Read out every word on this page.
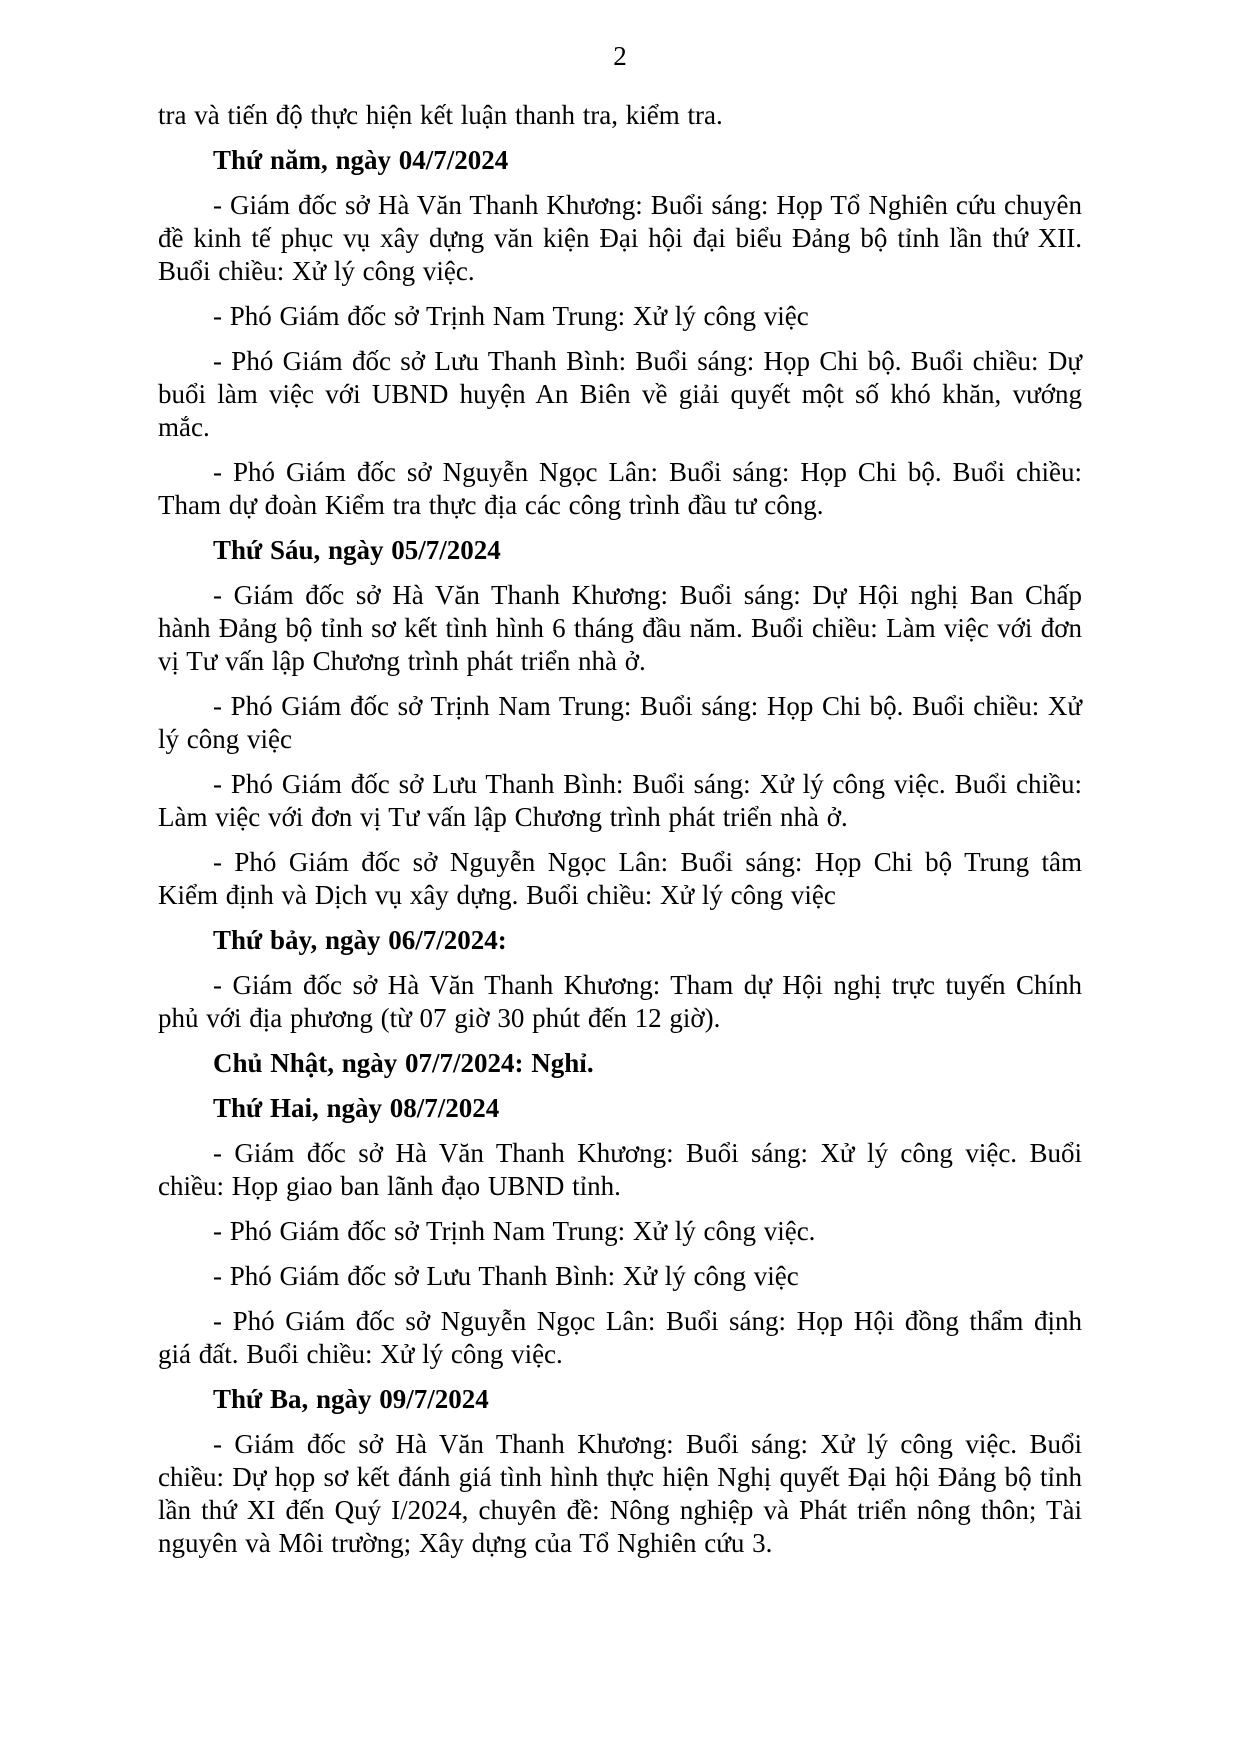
2

tra và tiến độ thực hiện kết luận thanh tra, kiểm tra.

Thứ năm, ngày 04/7/2024

- Giám đốc sở Hà Văn Thanh Khương: Buổi sáng: Họp Tổ Nghiên cứu chuyên đề kinh tế phục vụ xây dựng văn kiện Đại hội đại biểu Đảng bộ tỉnh lần thứ XII. Buổi chiều: Xử lý công việc.

- Phó Giám đốc sở Trịnh Nam Trung: Xử lý công việc

- Phó Giám đốc sở Lưu Thanh Bình: Buổi sáng: Họp Chi bộ. Buổi chiều: Dự buổi làm việc với UBND huyện An Biên về giải quyết một số khó khăn, vướng mắc.

- Phó Giám đốc sở Nguyễn Ngọc Lân: Buổi sáng: Họp Chi bộ. Buổi chiều: Tham dự đoàn Kiểm tra thực địa các công trình đầu tư công.

Thứ Sáu, ngày 05/7/2024

- Giám đốc sở Hà Văn Thanh Khương: Buổi sáng: Dự Hội nghị Ban Chấp hành Đảng bộ tỉnh sơ kết tình hình 6 tháng đầu năm. Buổi chiều: Làm việc với đơn vị Tư vấn lập Chương trình phát triển nhà ở.

- Phó Giám đốc sở Trịnh Nam Trung: Buổi sáng: Họp Chi bộ. Buổi chiều: Xử lý công việc

- Phó Giám đốc sở Lưu Thanh Bình: Buổi sáng: Xử lý công việc. Buổi chiều: Làm việc với đơn vị Tư vấn lập Chương trình phát triển nhà ở.

- Phó Giám đốc sở Nguyễn Ngọc Lân: Buổi sáng: Họp Chi bộ Trung tâm Kiểm định và Dịch vụ xây dựng. Buổi chiều: Xử lý công việc

Thứ bảy, ngày 06/7/2024:

- Giám đốc sở Hà Văn Thanh Khương: Tham dự Hội nghị trực tuyến Chính phủ với địa phương (từ 07 giờ 30 phút đến 12 giờ).

Chủ Nhật, ngày 07/7/2024: Nghỉ.

Thứ Hai, ngày 08/7/2024

- Giám đốc sở Hà Văn Thanh Khương: Buổi sáng: Xử lý công việc. Buổi chiều: Họp giao ban lãnh đạo UBND tỉnh.

- Phó Giám đốc sở Trịnh Nam Trung: Xử lý công việc.

- Phó Giám đốc sở Lưu Thanh Bình: Xử lý công việc

- Phó Giám đốc sở Nguyễn Ngọc Lân: Buổi sáng: Họp Hội đồng thẩm định giá đất. Buổi chiều: Xử lý công việc.

Thứ Ba, ngày 09/7/2024

- Giám đốc sở Hà Văn Thanh Khương: Buổi sáng: Xử lý công việc. Buổi chiều: Dự họp sơ kết đánh giá tình hình thực hiện Nghị quyết Đại hội Đảng bộ tỉnh lần thứ XI đến Quý I/2024, chuyên đề: Nông nghiệp và Phát triển nông thôn; Tài nguyên và Môi trường; Xây dựng của Tổ Nghiên cứu 3.
